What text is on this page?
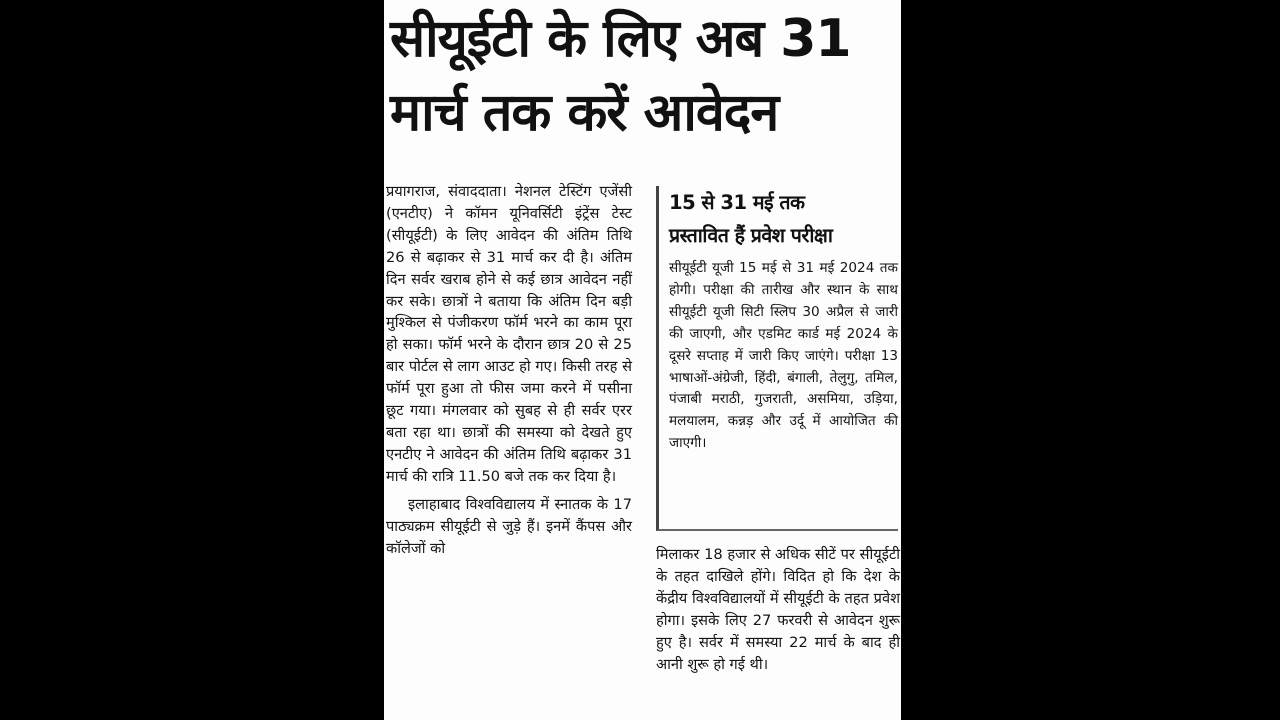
सीयूईटी के लिए अब 31
मार्च तक करें आवेदन

प्रयागराज, संवाददाता। नेशनल टेस्टिंग एजेंसी (एनटीए) ने कॉमन यूनिवर्सिटी इंट्रेंस टेस्ट (सीयूईटी) के लिए आवेदन की अंतिम तिथि 26 से बढ़ाकर से 31 मार्च कर दी है। अंतिम दिन सर्वर खराब होने से कई छात्र आवेदन नहीं कर सके। छात्रों ने बताया कि अंतिम दिन बड़ी मुश्किल से पंजीकरण फॉर्म भरने का काम पूरा हो सका। फॉर्म भरने के दौरान छात्र 20 से 25 बार पोर्टल से लाग आउट हो गए। किसी तरह से फॉर्म पूरा हुआ तो फीस जमा करने में पसीना छूट गया। मंगलवार को सुबह से ही सर्वर एरर बता रहा था। छात्रों की समस्या को देखते हुए एनटीए ने आवेदन की अंतिम तिथि बढ़ाकर 31 मार्च की रात्रि 11.50 बजे तक कर दिया है।

इलाहाबाद विश्वविद्यालय में स्नातक के 17 पाठ्यक्रम सीयूईटी से जुड़े हैं। इनमें कैंपस और कॉलेजों को

15 से 31 मई तक
प्रस्तावित हैं प्रवेश परीक्षा

सीयूईटी यूजी 15 मई से 31 मई 2024 तक होगी। परीक्षा की तारीख और स्थान के साथ सीयूईटी यूजी सिटी स्लिप 30 अप्रैल से जारी की जाएगी, और एडमिट कार्ड मई 2024 के दूसरे सप्ताह में जारी किए जाएंगे। परीक्षा 13 भाषाओं-अंग्रेजी, हिंदी, बंगाली, तेलुगु, तमिल, पंजाबी मराठी, गुजराती, असमिया, उड़िया, मलयालम, कन्नड़ और उर्दू में आयोजित की जाएगी।

मिलाकर 18 हजार से अधिक सीटें पर सीयूईटी के तहत दाखिले होंगे। विदित हो कि देश के केंद्रीय विश्वविद्यालयों में सीयूईटी के तहत प्रवेश होगा। इसके लिए 27 फरवरी से आवेदन शुरू हुए है। सर्वर में समस्या 22 मार्च के बाद ही आनी शुरू हो गई थी।
